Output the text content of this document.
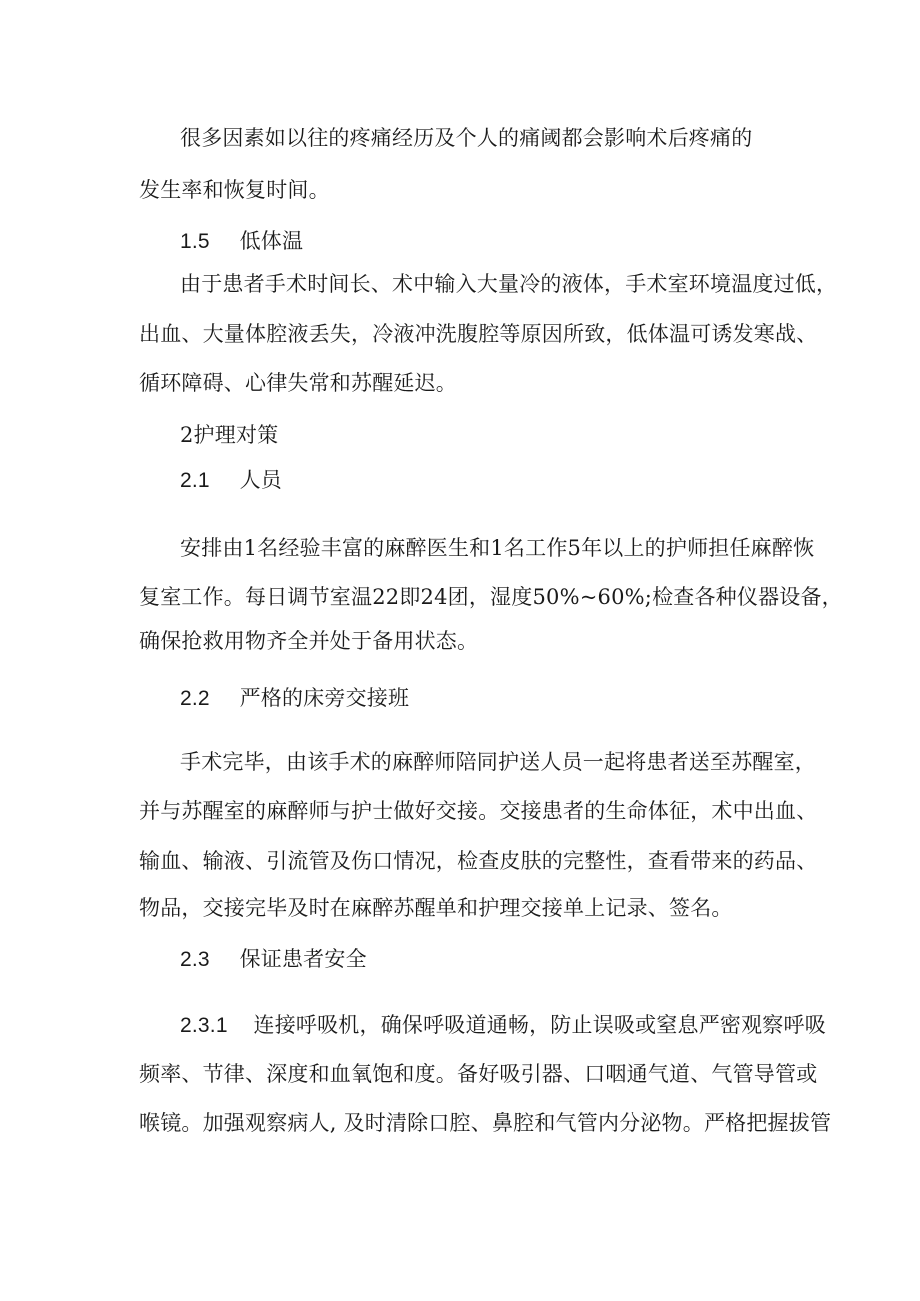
很多因素如以往的疼痛经历及个人的痛阈都会影响术后疼痛的
发生率和恢复时间。
1.5 低体温
由于患者手术时间长、术中输入大量冷的液体，手术室环境温度过低，
出血、大量体腔液丢失，冷液冲洗腹腔等原因所致，低体温可诱发寒战、
循环障碍、心律失常和苏醒延迟。
2护理对策
2.1 人员
安排由1名经验丰富的麻醉医生和1名工作5年以上的护师担任麻醉恢
复室工作。每日调节室温22即24团，湿度50%~60%;检查各种仪器设备，
确保抢救用物齐全并处于备用状态。
2.2 严格的床旁交接班
手术完毕，由该手术的麻醉师陪同护送人员一起将患者送至苏醒室，
并与苏醒室的麻醉师与护士做好交接。交接患者的生命体征，术中出血、
输血、输液、引流管及伤口情况，检查皮肤的完整性，查看带来的药品、
物品，交接完毕及时在麻醉苏醒单和护理交接单上记录、签名。
2.3 保证患者安全
2.3.1 连接呼吸机，确保呼吸道通畅，防止误吸或窒息严密观察呼吸
频率、节律、深度和血氧饱和度。备好吸引器、口咽通气道、气管导管或
喉镜。加强观察病人, 及时清除口腔、鼻腔和气管内分泌物。严格把握拔管
